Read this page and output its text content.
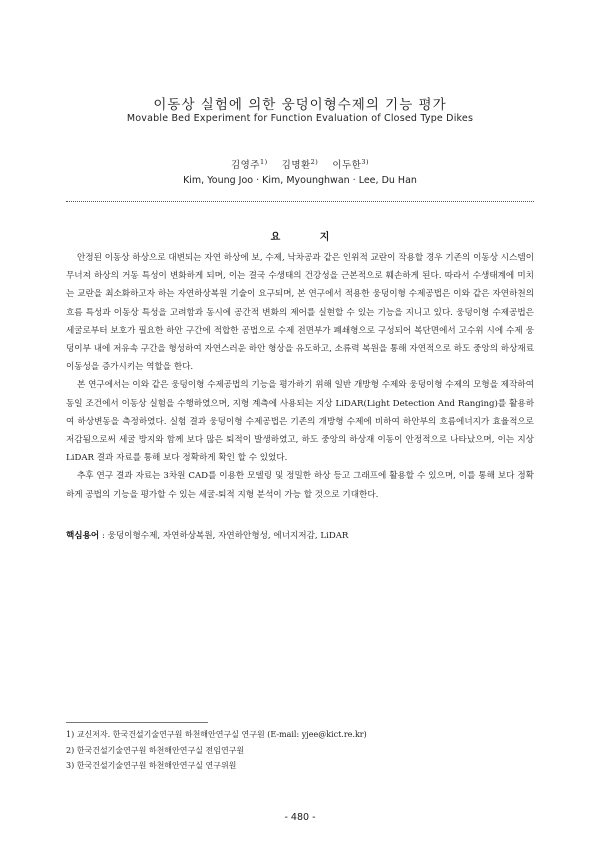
이동상 실험에 의한 웅덩이형수제의 기능 평가
Movable Bed Experiment for Function Evaluation of Closed Type Dikes
김영주$^{1)}$ 김명환$^{2)}$ 이두한$^{3)}$
Kim, Young Joo · Kim, Myounghwan · Lee, Du Han
요 지

안정된 이동상 하상으로 대변되는 자연 하상에 보, 수제, 낙차공과 같은 인위적 교란이 작용할 경우 기존의 이동상 시스템이 무너져 하상의 거동 특성이 변화하게 되며, 이는 결국 수생태의 건강성을 근본적으로 훼손하게 된다. 따라서 수생태계에 미치는 교란을 최소화하고자 하는 자연하상복원 기술이 요구되며, 본 연구에서 적용한 웅덩이형 수제공법은 이와 같은 자연하천의 흐름 특성과 이동상 특성을 고려함과 동시에 공간적 변화의 제어를 실현할 수 있는 기능을 지니고 있다. 웅덩이형 수제공법은 세굴로부터 보호가 필요한 하안 구간에 적합한 공법으로 수제 전면부가 폐쇄형으로 구성되어 복단면에서 고수위 시에 수제 웅덩이부 내에 저유속 구간을 형성하여 자연스러운 하안 형상을 유도하고, 소류력 복원을 통해 자연적으로 하도 중앙의 하상재료 이동성을 증가시키는 역할을 한다.

본 연구에서는 이와 같은 웅덩이형 수제공법의 기능을 평가하기 위해 일반 개방형 수제와 웅덩이형 수제의 모형을 제작하여 동일 조건에서 이동상 실험을 수행하였으며, 지형 계측에 사용되는 지상 LiDAR(Light Detection And Ranging)를 활용하여 하상변동을 측정하였다. 실험 결과 웅덩이형 수제공법은 기존의 개방형 수제에 비하여 하안부의 흐름에너지가 효율적으로 저감됨으로써 세굴 방지와 함께 보다 많은 퇴적이 발생하였고, 하도 중앙의 하상재 이동이 안정적으로 나타났으며, 이는 지상 LiDAR 결과 자료를 통해 보다 정확하게 확인 할 수 있었다.

추후 연구 결과 자료는 3차원 CAD를 이용한 모델링 및 정밀한 하상 등고 그래프에 활용할 수 있으며, 이를 통해 보다 정확하게 공법의 기능을 평가할 수 있는 세굴-퇴적 지형 분석이 가능 할 것으로 기대한다.

핵심용어 : 웅덩이형수제, 자연하상복원, 자연하안형성, 에너지저감, LiDAR
1) 교신저자. 한국건설기술연구원 하천해안연구실 연구원 (E-mail: yjee@kict.re.kr)
2) 한국건설기술연구원 하천해안연구실 전임연구원
3) 한국건설기술연구원 하천해안연구실 연구위원
- 480 -
